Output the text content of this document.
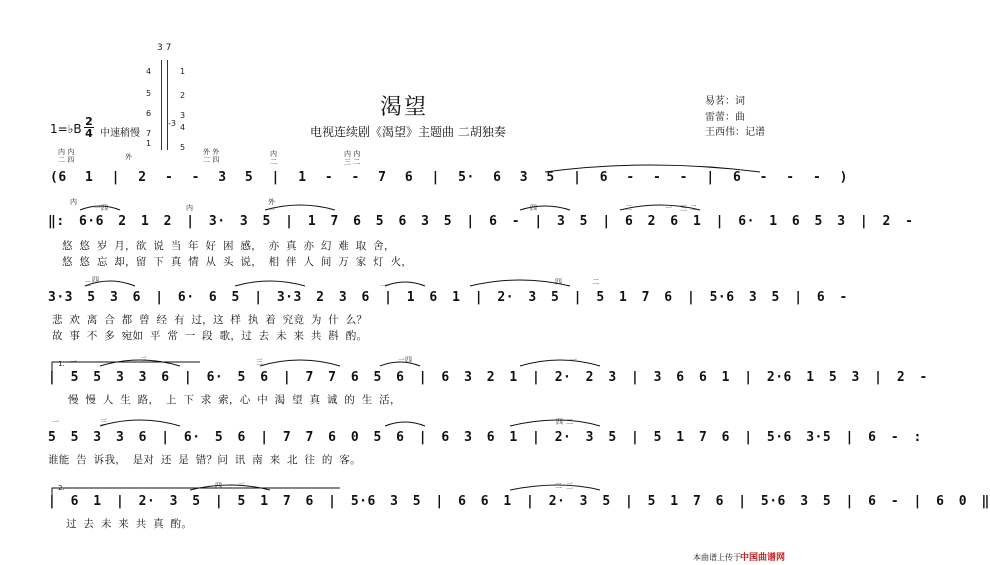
3 7
4
5
6
7
1
1
2
3
4
5
-3
渴望
电视连续剧《渴望》主题曲 二胡独奏
易茗：词
雷蕾：曲
王西伟：记谱
1=♭B $\frac{2}{4}$ 中速稍慢
内 内
二 四	外
外 外
二 四
内
二
内 内
三 二
(6 1 | 2 - - 3 5 | 1 - - 7 6 | 5· 6 3 5 | 6 - - - | 6 - - - )
内
一四	内
外
一	四	二	一 三 二
‖: 6·6 2 1 2 | 3· 3 5 | 1 7 6 5 6 3 5 | 6 - | 3 5 | 6 2 6 1 | 6· 1 6 5 3 | 2 -
悠 悠 岁 月，欲 说 当 年 好 困 感， 亦 真 亦 幻 难 取 舍，
悠 悠 忘 却，留 下 真 情 从 头 说， 相 伴 人 间 万 家 灯 火，
二 四
一	四	二
3·3 5 3 6 | 6· 6 5 | 3·3 2 3 6 | 1 6 1 | 2· 3 5 | 5 1 7 6 | 5·6 3 5 | 6 -
悲 欢 离 合 都 曾 经 有 过，这 样 执 着 究竟 为 什 么？
故 事 不 多 宛如 平 常 一 段 歌，过 去 未 来 共 斟 酌。
1. 一	三	三	一四	一
| 5 5 3 3 6 | 6· 5 6 | 7 7 6 5 6 | 6 3 2 1 | 2· 2 3 | 3 6 6 1 | 2·6 1 5 3 | 2 -
慢 慢 人 生 路， 上 下 求 索，心 中 渴 望 真 诚 的 生 活，
一	三	四 二
5 5 3 3 6 | 6· 5 6 | 7 7 6 0 5 6 | 6 3 6 1 | 2· 3 5 | 5 1 7 6 | 5·6 3·5 | 6 - :
谁能 告 诉我， 是对 还 是 错？问 讯 南 来 北 往 的 客。
2.	四 三	二 三
| 6 1 | 2· 3 5 | 5 1 7 6 | 5·6 3 5 | 6 6 1 | 2· 3 5 | 5 1 7 6 | 5·6 3 5 | 6 - | 6 0 ‖
过 去 未 来 共 真 酌。
本曲谱上传于 中国曲谱网
